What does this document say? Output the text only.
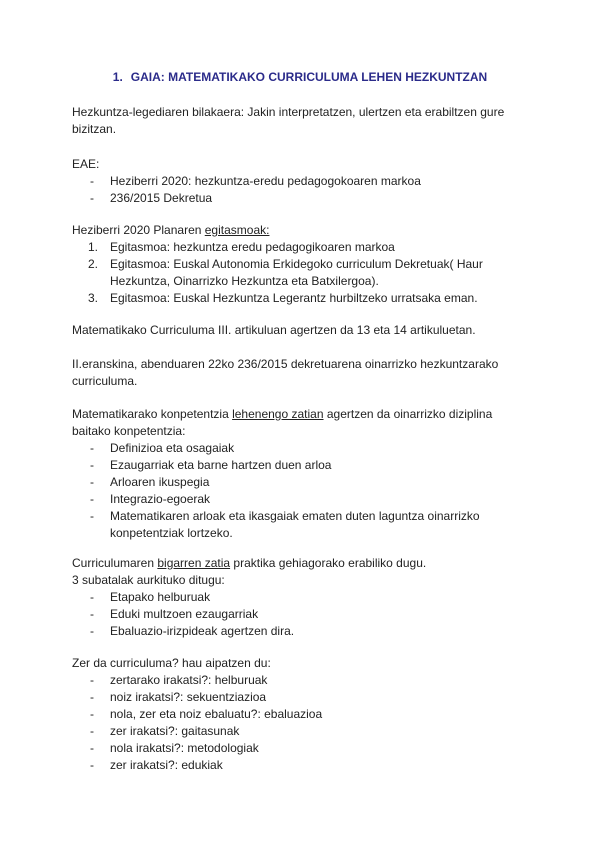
1. GAIA: MATEMATIKAKO CURRICULUMA LEHEN HEZKUNTZAN
Hezkuntza-legediaren bilakaera: Jakin interpretatzen, ulertzen eta erabiltzen gure bizitzan.
EAE:
- Heziberri 2020: hezkuntza-eredu pedagogokoaren markoa
- 236/2015 Dekretua
Heziberri 2020 Planaren egitasmoak:
1. Egitasmoa: hezkuntza eredu pedagogikoaren markoa
2. Egitasmoa: Euskal Autonomia Erkidegoko curriculum Dekretuak( Haur Hezkuntza, Oinarrizko Hezkuntza eta Batxilergoa).
3. Egitasmoa: Euskal Hezkuntza Legerantz hurbiltzeko urratsaka eman.
Matematikako Curriculuma III. artikuluan agertzen da 13 eta 14 artikuluetan.
II.eranskina, abenduaren 22ko 236/2015 dekretuarena oinarrizko hezkuntzarako curriculuma.
Matematikarako konpetentzia lehenengo zatian agertzen da oinarrizko diziplina baitako konpetentzia:
- Definizioa eta osagaiak
- Ezaugarriak eta barne hartzen duen arloa
- Arloaren ikuspegia
- Integrazio-egoerak
- Matematikaren arloak eta ikasgaiak ematen duten laguntza oinarrizko konpetentziak lortzeko.
Curriculumaren bigarren zatia praktika gehiagorako erabiliko dugu.
3 subatalak aurkituko ditugu:
- Etapako helburuak
- Eduki multzoen ezaugarriak
- Ebaluazio-irizpideak agertzen dira.
Zer da curriculuma? hau aipatzen du:
- zertarako irakatsi?: helburuak
- noiz irakatsi?: sekuentziazioa
- nola, zer eta noiz ebaluatu?: ebaluazioa
- zer irakatsi?: gaitasunak
- nola irakatsi?: metodologiak
- zer irakatsi?: edukiak
